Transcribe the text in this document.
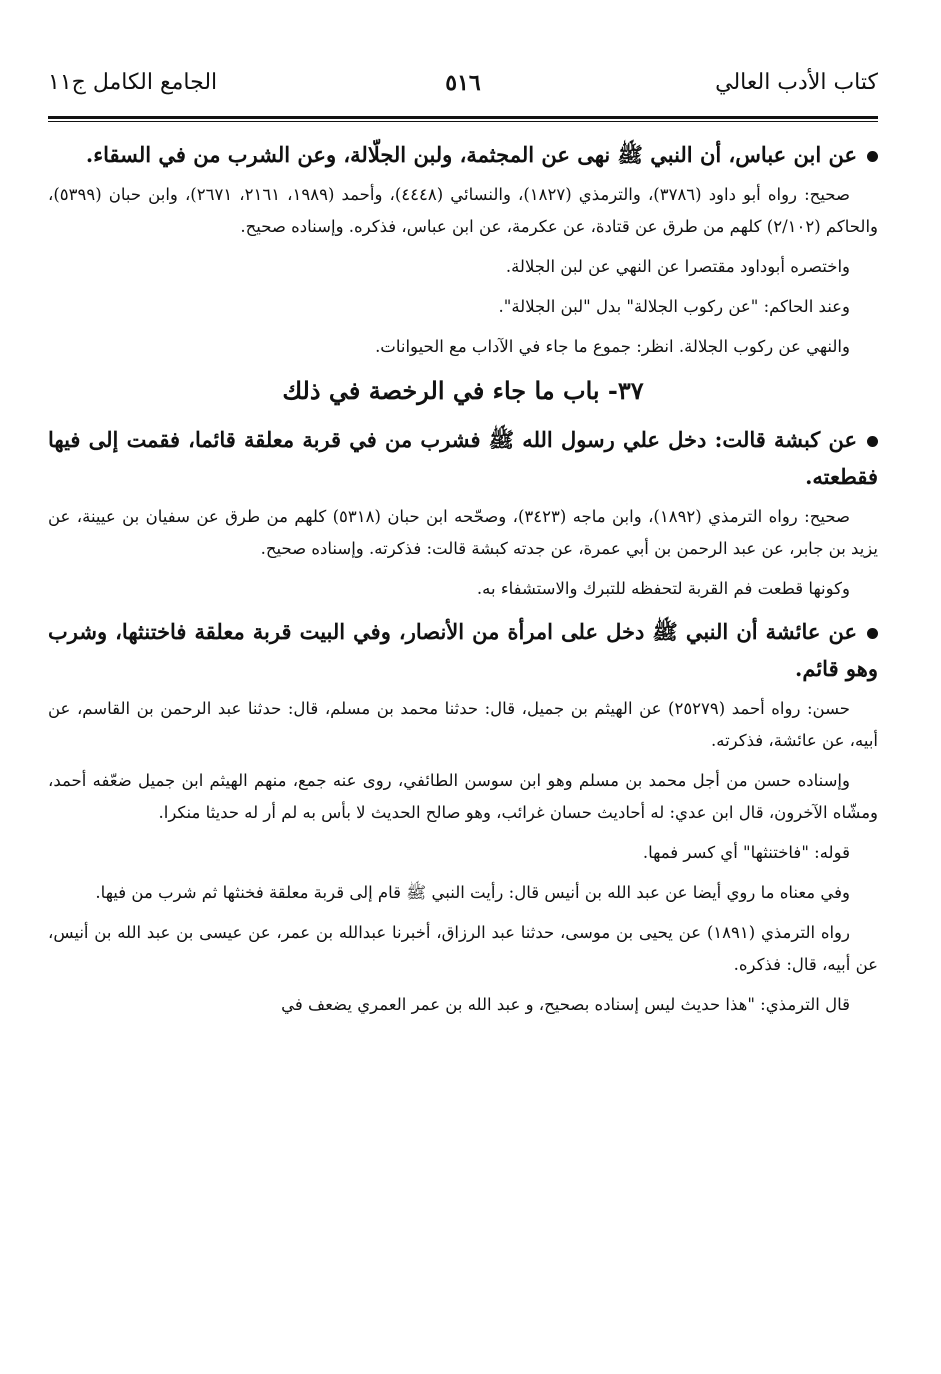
كتاب الأدب العالي
٥١٦
الجامع الكامل ج١١

عن ابن عباس، أن النبي ﷺ نهى عن المجثمة، ولبن الجلّالة، وعن الشرب من في السقاء.

صحيح: رواه أبو داود (٣٧٨٦)، والترمذي (١٨٢٧)، والنسائي (٤٤٤٨)، وأحمد (١٩٨٩، ٢١٦١، ٢٦٧١)، وابن حبان (٥٣٩٩)، والحاكم (٢/١٠٢) كلهم من طرق عن قتادة، عن عكرمة، عن ابن عباس، فذكره. وإسناده صحيح.

واختصره أبوداود مقتصرا عن النهي عن لبن الجلالة.

وعند الحاكم: "عن ركوب الجلالة" بدل "لبن الجلالة".

والنهي عن ركوب الجلالة. انظر: جموع ما جاء في الآداب مع الحيوانات.

٣٧- باب ما جاء في الرخصة في ذلك

عن كبشة قالت: دخل علي رسول الله ﷺ فشرب من في قربة معلقة قائما، فقمت إلى فيها فقطعته.

صحيح: رواه الترمذي (١٨٩٢)، وابن ماجه (٣٤٢٣)، وصحّحه ابن حبان (٥٣١٨) كلهم من طرق عن سفيان بن عيينة، عن يزيد بن جابر، عن عبد الرحمن بن أبي عمرة، عن جدته كبشة قالت: فذكرته. وإسناده صحيح.

وكونها قطعت فم القربة لتحفظه للتبرك والاستشفاء به.

عن عائشة أن النبي ﷺ دخل على امرأة من الأنصار، وفي البيت قربة معلقة فاختنثها، وشرب وهو قائم.

حسن: رواه أحمد (٢٥٢٧٩) عن الهيثم بن جميل، قال: حدثنا محمد بن مسلم، قال: حدثنا عبد الرحمن بن القاسم، عن أبيه، عن عائشة، فذكرته.

وإسناده حسن من أجل محمد بن مسلم وهو ابن سوسن الطائفي، روى عنه جمع، منهم الهيثم ابن جميل ضعّفه أحمد، ومشّاه الآخرون، قال ابن عدي: له أحاديث حسان غرائب، وهو صالح الحديث لا بأس به لم أر له حديثا منكرا.

قوله: "فاختنثها" أي كسر فمها.

وفي معناه ما روي أيضا عن عبد الله بن أنيس قال: رأيت النبي ﷺ قام إلى قربة معلقة فخنثها ثم شرب من فيها.

رواه الترمذي (١٨٩١) عن يحيى بن موسى، حدثنا عبد الرزاق، أخبرنا عبدالله بن عمر، عن عيسى بن عبد الله بن أنيس، عن أبيه، قال: فذكره.

قال الترمذي: "هذا حديث ليس إسناده بصحيح، و عبد الله بن عمر العمري يضعف في
